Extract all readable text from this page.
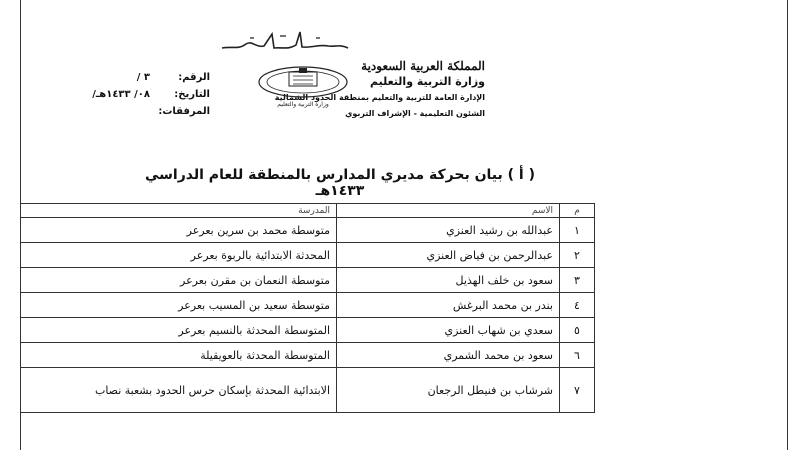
المملكة العربية السعودية
وزارة التربية والتعليم
الإدارة العامة للتربية والتعليم بمنطقة الحدود الشمالية
الشئون التعليمية - الإشراف التربوي
وزارة التربية والتعليم
الرقم:
/ ٣
التاريخ:
/٠٨/ ١٤٣٣هـ
المرفقات:
( أ ) بيان بحركة مديري المدارس بالمنطقة للعام الدراسي ١٤٣٣هـ
م	الاسم	المدرسة
١	عبدالله بن رشيد العنزي	متوسطة محمد بن سرين بعرعر
٢	عبدالرحمن بن فياض العنزي	المحدثة الابتدائية بالربوة بعرعر
٣	سعود بن خلف الهذيل	متوسطة النعمان بن مقرن بعرعر
٤	بندر بن محمد البرغش	متوسطة سعيد بن المسيب بعرعر
٥	سعدي بن شهاب العنزي	المتوسطة المحدثة بالنسيم بعرعر
٦	سعود بن محمد الشمري	المتوسطة المحدثة بالعويقيلة
٧	شرشاب بن فنيطل الرجعان	الابتدائية المحدثة بإسكان حرس الحدود بشعبة نصاب
